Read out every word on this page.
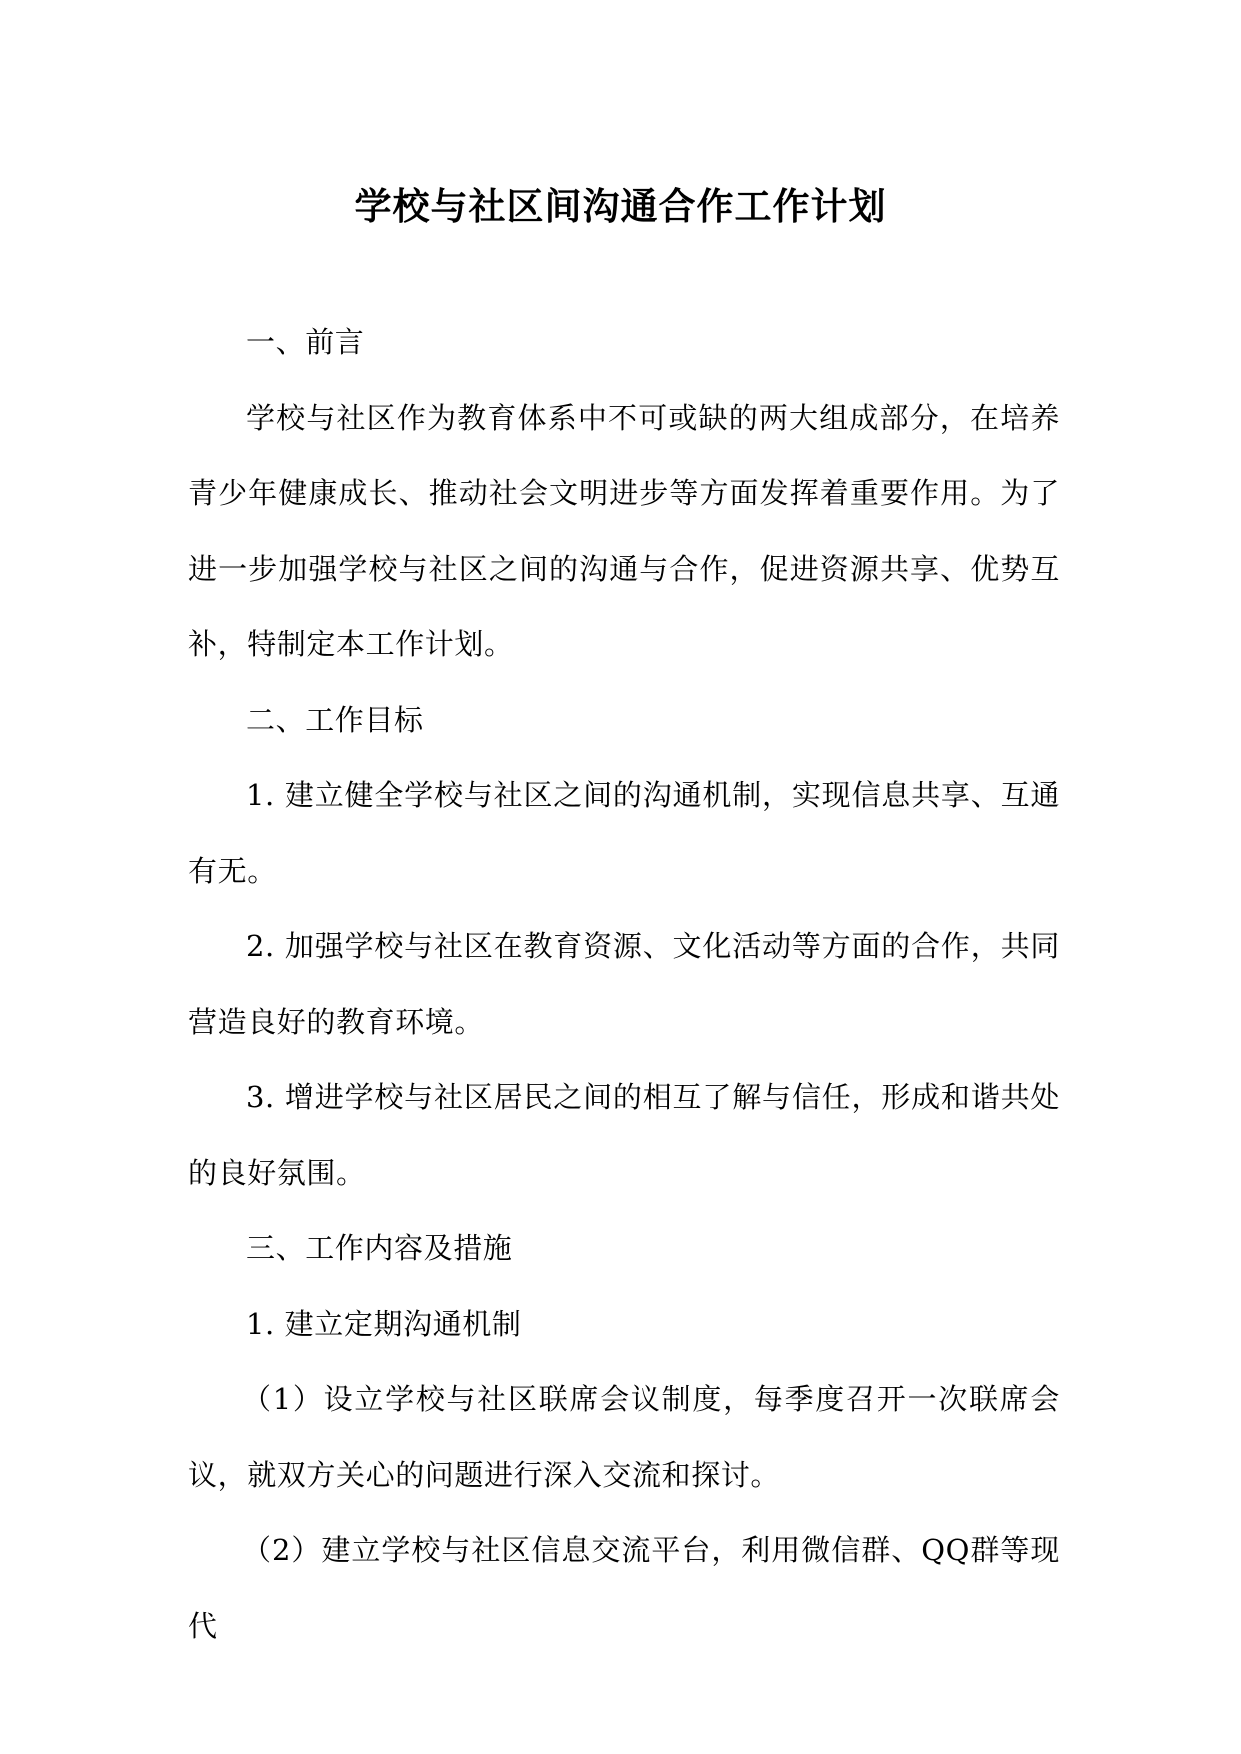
学校与社区间沟通合作工作计划

一、前言

学校与社区作为教育体系中不可或缺的两大组成部分，在培养青少年健康成长、推动社会文明进步等方面发挥着重要作用。为了进一步加强学校与社区之间的沟通与合作，促进资源共享、优势互补，特制定本工作计划。

二、工作目标

1. 建立健全学校与社区之间的沟通机制，实现信息共享、互通有无。

2. 加强学校与社区在教育资源、文化活动等方面的合作，共同营造良好的教育环境。

3. 增进学校与社区居民之间的相互了解与信任，形成和谐共处的良好氛围。

三、工作内容及措施

1. 建立定期沟通机制

（1）设立学校与社区联席会议制度，每季度召开一次联席会议，就双方关心的问题进行深入交流和探讨。

（2）建立学校与社区信息交流平台，利用微信群、QQ群等现代
